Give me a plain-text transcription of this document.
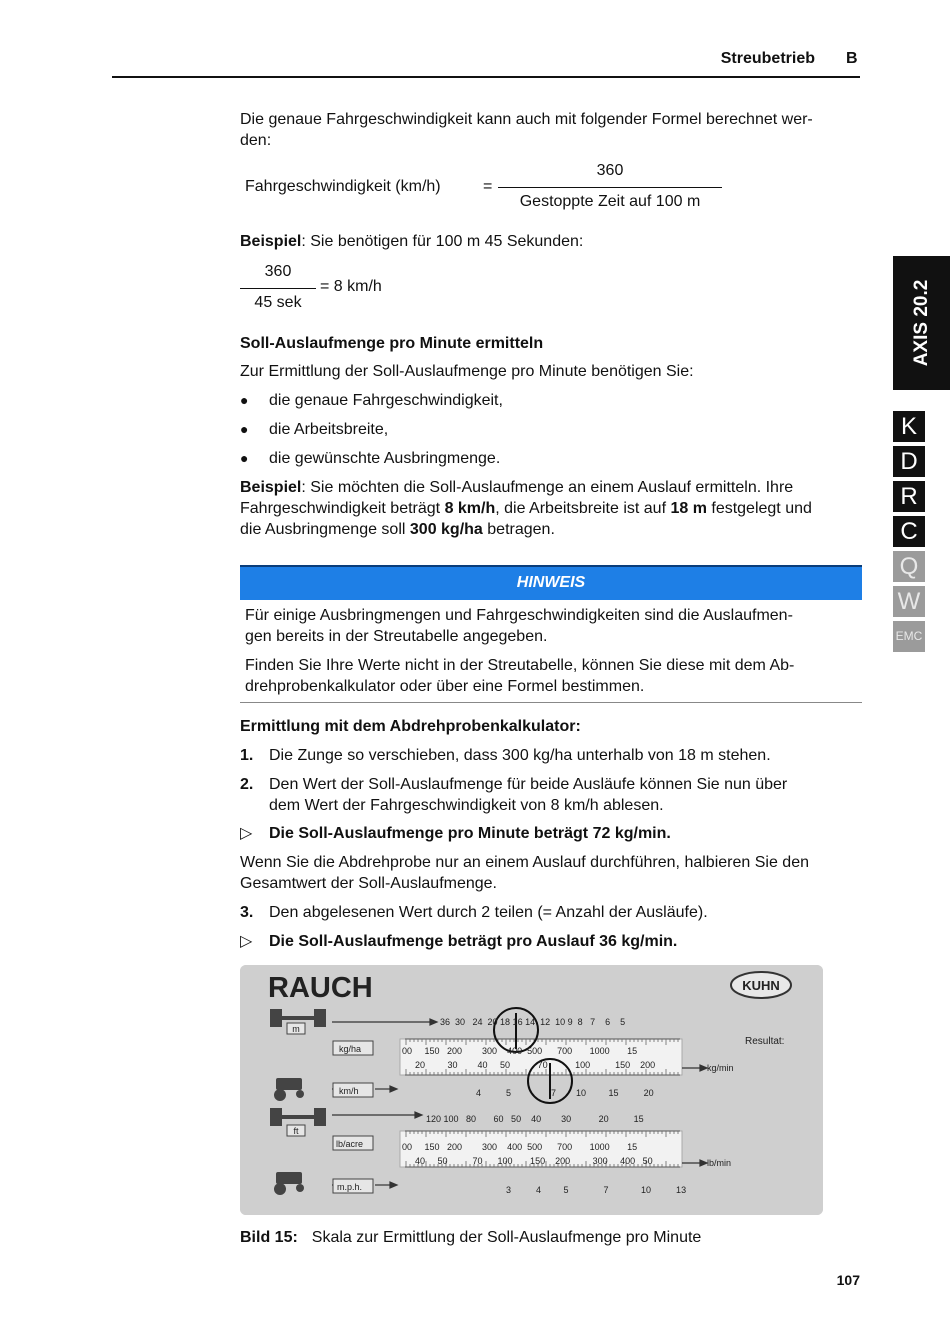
Streubetrieb B
AXIS 20.2
K
D
R
C
Q
W
EMC
Die genaue Fahrgeschwindigkeit kann auch mit folgender Formel berechnet wer-
den:
Fahrgeschwindigkeit (km/h)	=
360
Gestoppte Zeit auf 100 m
Beispiel: Sie benötigen für 100 m 45 Sekunden:
360
45 sek
= 8 km/h
Soll-Auslaufmenge pro Minute ermitteln
Zur Ermittlung der Soll-Auslaufmenge pro Minute benötigen Sie:
● die genaue Fahrgeschwindigkeit,
● die Arbeitsbreite,
● die gewünschte Ausbringmenge.
Beispiel: Sie möchten die Soll-Auslaufmenge an einem Auslauf ermitteln. Ihre
Fahrgeschwindigkeit beträgt 8 km/h, die Arbeitsbreite ist auf 18 m festgelegt und
die Ausbringmenge soll 300 kg/ha betragen.
HINWEIS
Für einige Ausbringmengen und Fahrgeschwindigkeiten sind die Auslaufmen-
gen bereits in der Streutabelle angegeben.
Finden Sie Ihre Werte nicht in der Streutabelle, können Sie diese mit dem Ab-
drehprobenkalkulator oder über eine Formel bestimmen.
Ermittlung mit dem Abdrehprobenkalkulator:
1. Die Zunge so verschieben, dass 300 kg/ha unterhalb von 18 m stehen.
2. Den Wert der Soll-Auslaufmenge für beide Ausläufe können Sie nun über
dem Wert der Fahrgeschwindigkeit von 8 km/h ablesen.
▷ Die Soll-Auslaufmenge pro Minute beträgt 72 kg/min.
Wenn Sie die Abdrehprobe nur an einem Auslauf durchführen, halbieren Sie den
Gesamtwert der Soll-Auslaufmenge.
3. Den abgelesenen Wert durch 2 teilen (= Anzahl der Ausläufe).
▷ Die Soll-Auslaufmenge beträgt pro Auslauf 36 kg/min.
RAUCH	KUHN
m
kg/ha
km/h
ft
lb/acre
m.p.h.
kg/min
lb/min
Resultat:
36  30   24  20 18 16 14  12  10 9  8   7    6    5
00     150   200        300    400  500      700       1000       15
20         30        40     50           70           100          150    200
4          5                7        10         15          20
120 100   80       60   50    40        30           20          15
00     150   200        300    400  500      700       1000       15
40     50          70      100       150    200         300     400   50
3          4         5              7             10          13
Bild 15: Skala zur Ermittlung der Soll-Auslaufmenge pro Minute
107
